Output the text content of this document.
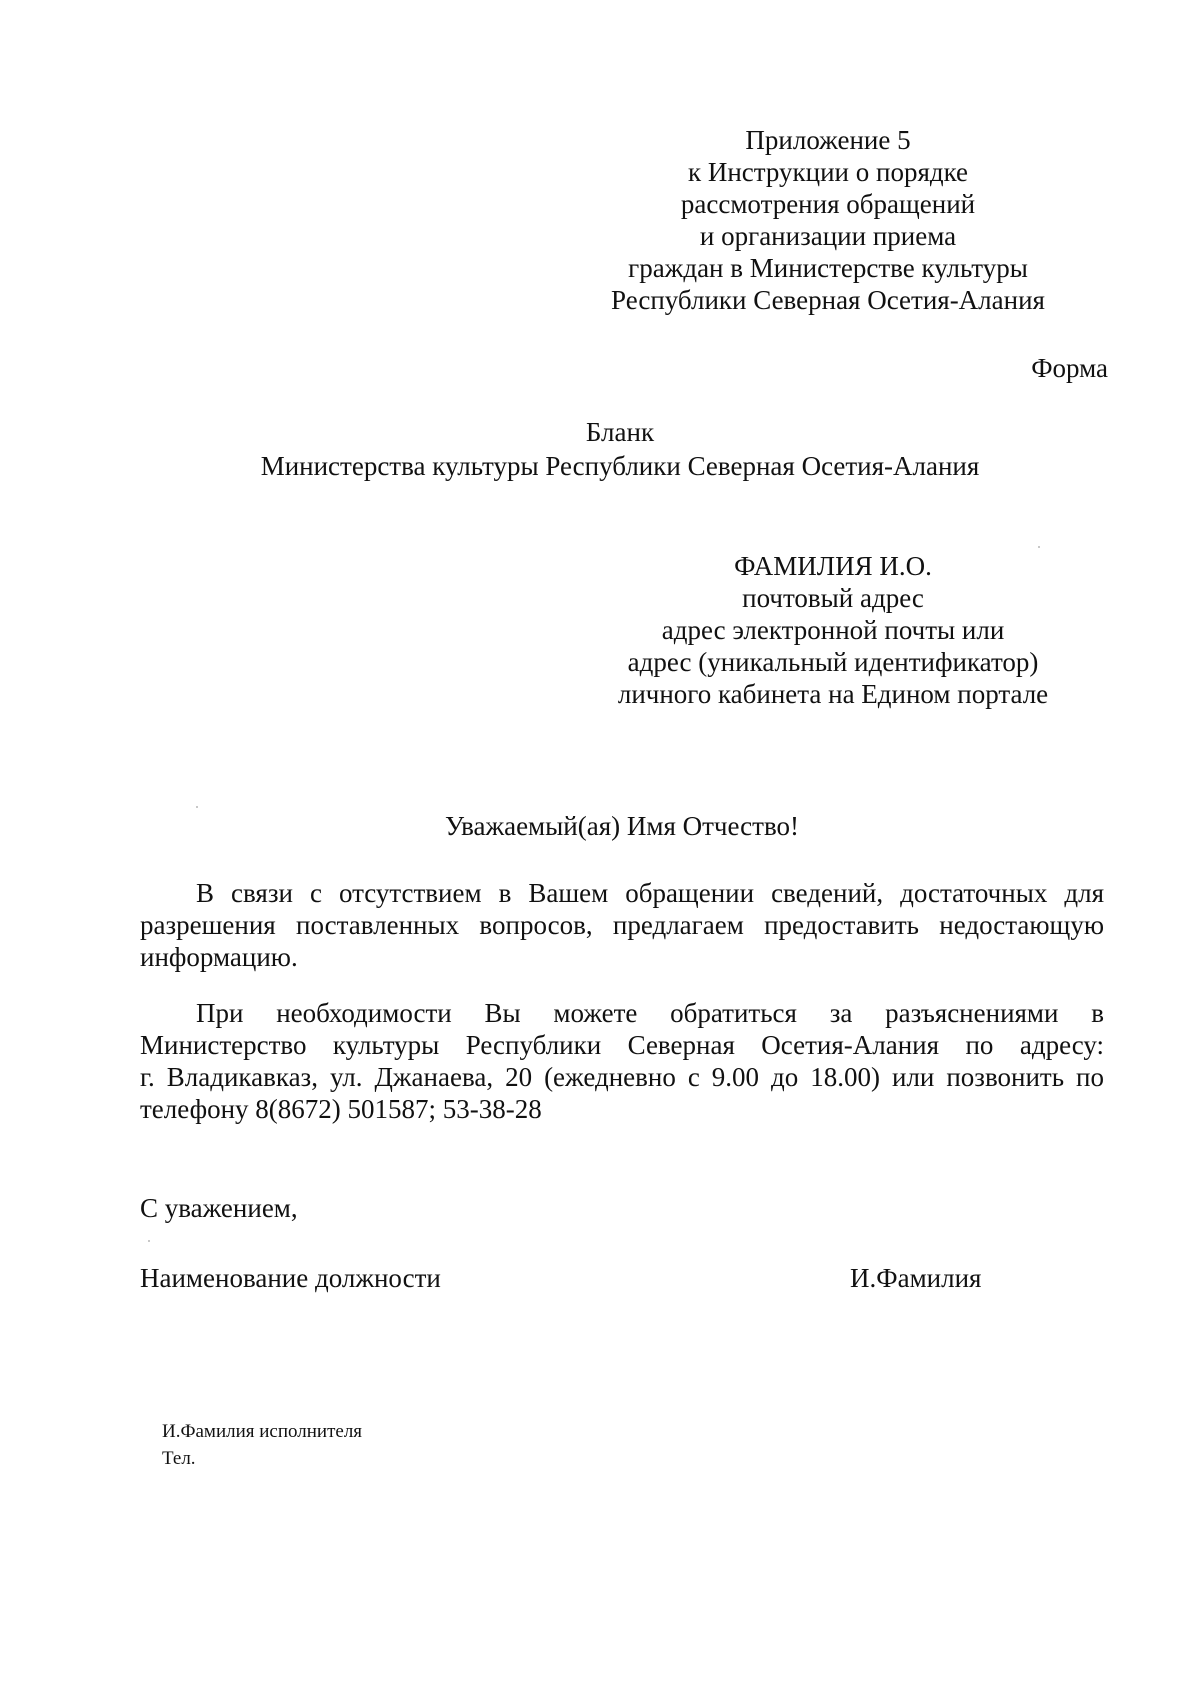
Приложение 5
к Инструкции о порядке
рассмотрения обращений
и организации приема
граждан в Министерстве культуры
Республики Северная Осетия-Алания
Форма
Бланк
Министерства культуры Республики Северная Осетия-Алания
ФАМИЛИЯ И.О.
почтовый адрес
адрес электронной почты или
адрес (уникальный идентификатор)
личного кабинета на Едином портале
Уважаемый(ая) Имя Отчество!
В связи с отсутствием в Вашем обращении сведений, достаточных для
разрешения поставленных вопросов, предлагаем предоставить недостающую
информацию.
При необходимости Вы можете обратиться за разъяснениями в
Министерство культуры Республики Северная Осетия-Алания по адресу:
г. Владикавказ, ул. Джанаева, 20 (ежедневно с 9.00 до 18.00) или позвонить по
телефону 8(8672) 501587; 53-38-28
С уважением,
Наименование должности	И.Фамилия
И.Фамилия исполнителя
Тел.
